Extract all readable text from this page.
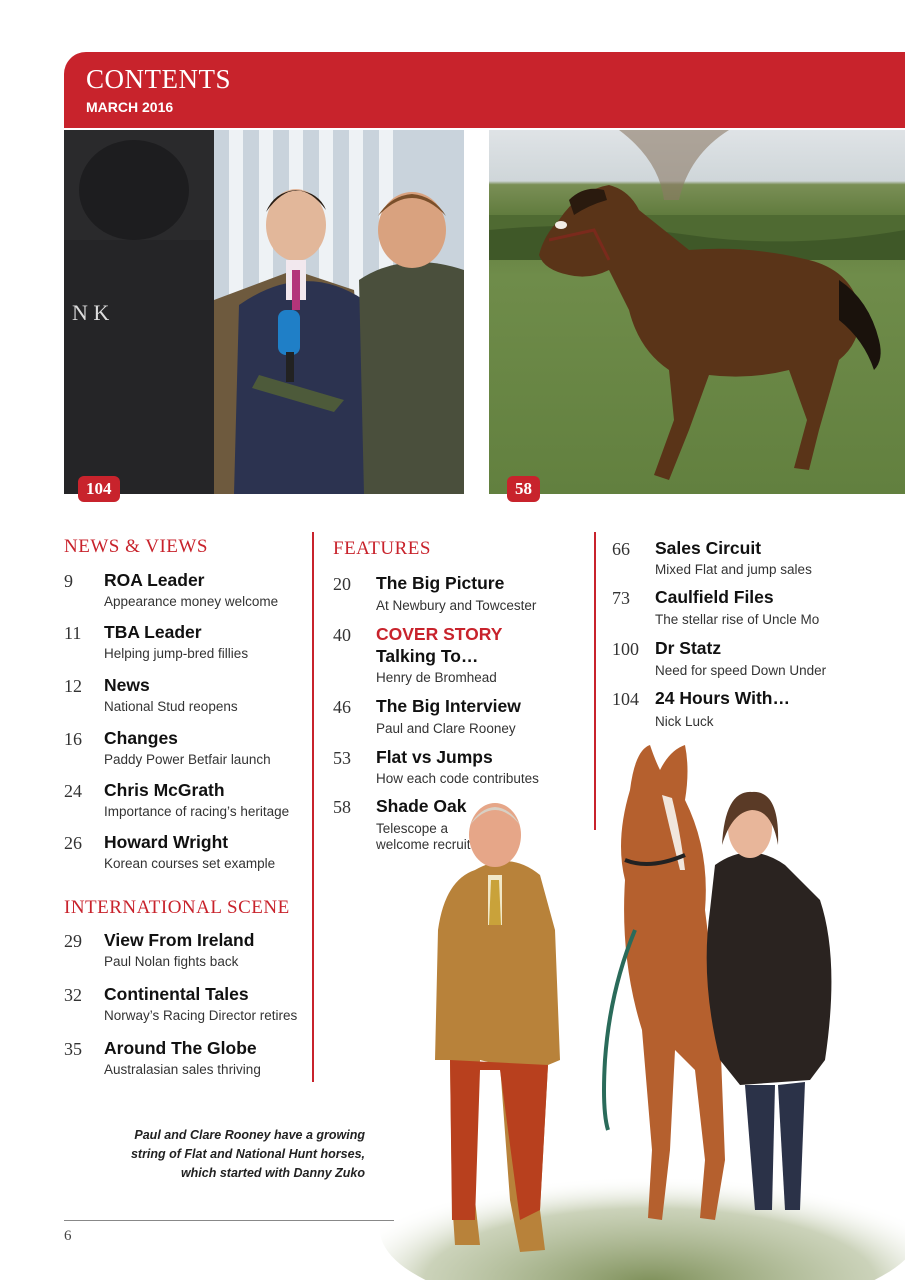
CONTENTS
MARCH 2016
N K
104	58
NEWS & VIEWS
9 ROA Leader
Appearance money welcome
11 TBA Leader
Helping jump-bred fillies
12 News
National Stud reopens
16 Changes
Paddy Power Betfair launch
24 Chris McGrath
Importance of racing’s heritage
26 Howard Wright
Korean courses set example
INTERNATIONAL SCENE
29 View From Ireland
Paul Nolan fights back
32 Continental Tales
Norway’s Racing Director retires
35 Around The Globe
Australasian sales thriving
FEATURES
20 The Big Picture
At Newbury and Towcester
40 COVER STORY
Talking To…
Henry de Bromhead
46 The Big Interview
Paul and Clare Rooney
53 Flat vs Jumps
How each code contributes
58 Shade Oak
Telescope a
welcome recruit
66 Sales Circuit
Mixed Flat and jump sales
73 Caulfield Files
The stellar rise of Uncle Mo
100 Dr Statz
Need for speed Down Under
104 24 Hours With…
Nick Luck
Paul and Clare Rooney have a growing
string of Flat and National Hunt horses,
which started with Danny Zuko
6
